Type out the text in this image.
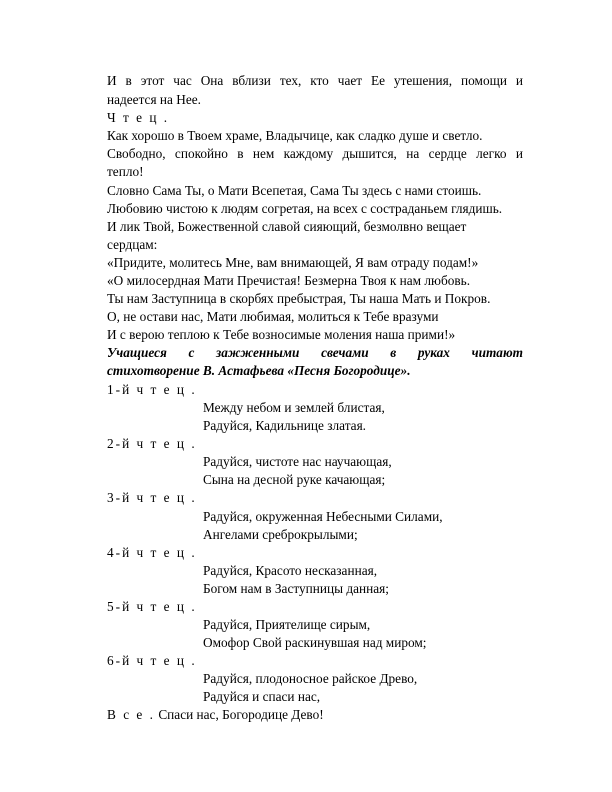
И в этот час Она вблизи тех, кто чает Ее утешения, помощи и
надеется на Нее.
Ч т е ц .
Как хорошо в Твоем храме, Владычице, как сладко душе и светло.
Свободно, спокойно в нем каждому дышится, на сердце легко и
тепло!
Словно Сама Ты, о Мати Всепетая, Сама Ты здесь с нами стоишь.
Любовию чистою к людям согретая, на всех с состраданьем глядишь.
И лик Твой, Божественной славой сияющий, безмолвно вещает
сердцам:
«Придите, молитесь Мне, вам внимающей, Я вам отраду подам!»
«О милосердная Мати Пречистая! Безмерна Твоя к нам любовь.
Ты нам Заступница в скорбях пребыстрая, Ты наша Мать и Покров.
О, не остави нас, Мати любимая, молиться к Тебе вразуми
И с верою теплою к Тебе возносимые моления наша прими!»
Учащиеся с зажженными свечами в руках читают
стихотворение В. Астафьева «Песня Богородице».
1-й ч т е ц .
Между небом и землей блистая,
Радуйся, Кадильнице златая.
2-й ч т е ц .
Радуйся, чистоте нас научающая,
Сына на десной руке качающая;
3-й ч т е ц .
Радуйся, окруженная Небесными Силами,
Ангелами среброкрылыми;
4-й ч т е ц .
Радуйся, Красото несказанная,
Богом нам в Заступницы данная;
5-й ч т е ц .
Радуйся, Приятелище сирым,
Омофор Свой раскинувшая над миром;
6-й ч т е ц .
Радуйся, плодоносное райское Древо,
Радуйся и спаси нас,
В с е . Спаси нас, Богородице Дево!
